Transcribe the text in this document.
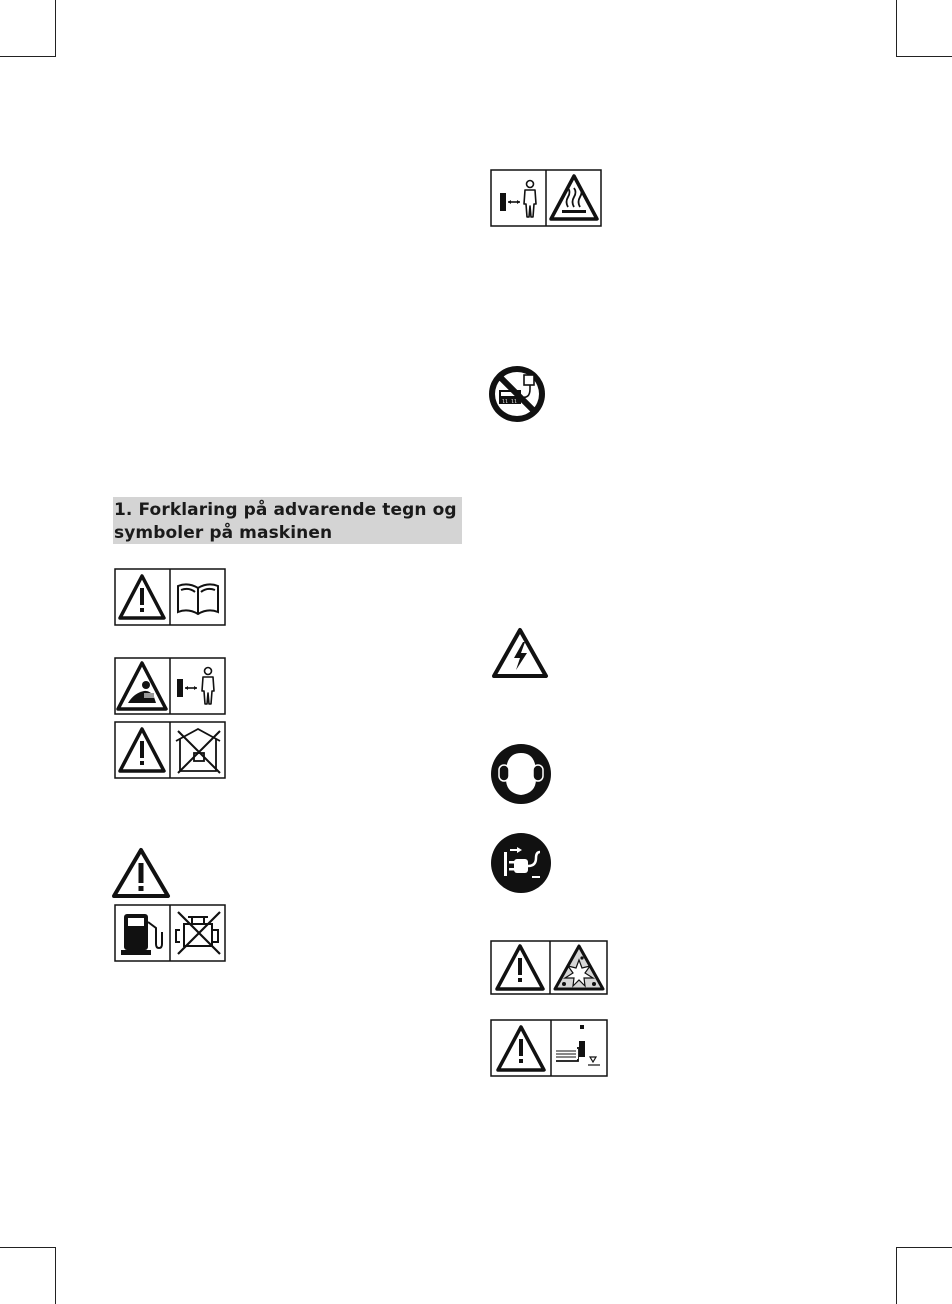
1. Forklaring på advarende tegn og
symboler på maskinen
ll ll
